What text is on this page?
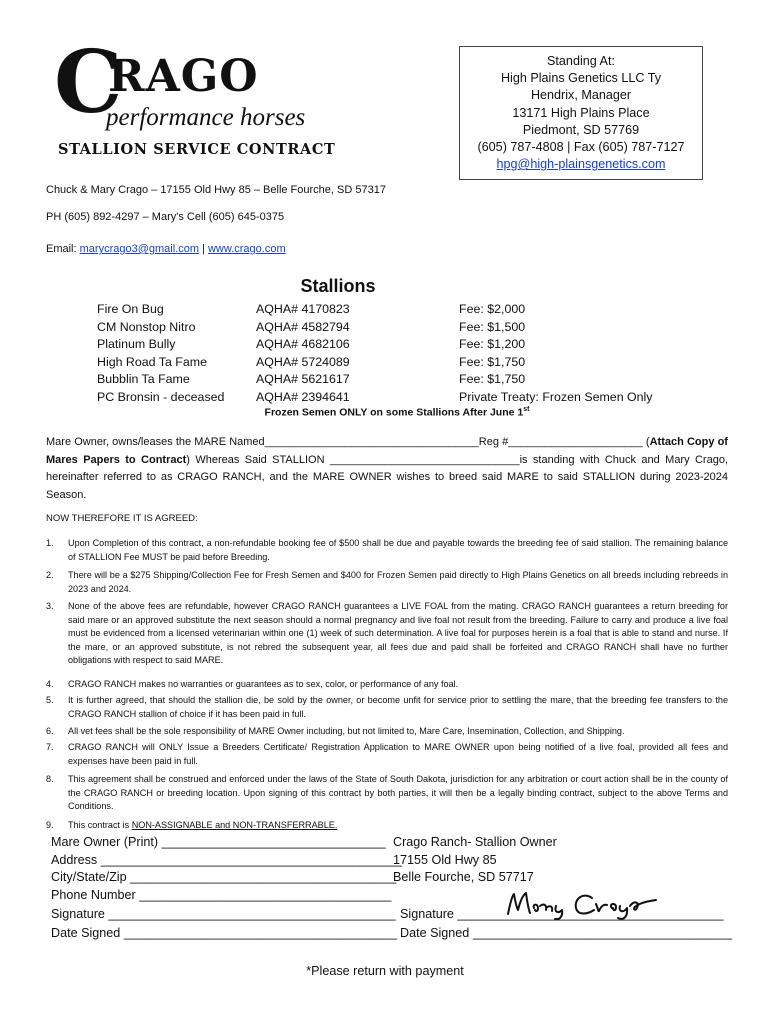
C
RAGO
performance horses
STALLION SERVICE CONTRACT
Standing At:
High Plains Genetics LLC Ty
Hendrix, Manager
13171 High Plains Place
Piedmont, SD 57769
(605) 787-4808 | Fax (605) 787-7127
hpg@high-plainsgenetics.com
Chuck & Mary Crago – 17155 Old Hwy 85 – Belle Fourche, SD 57317
PH (605) 892-4297 – Mary's Cell (605) 645-0375
Email: marycrago3@gmail.com | www.crago.com
Stallions
Fire On Bug	AQHA# 4170823	Fee: $2,000
CM Nonstop Nitro	AQHA# 4582794	Fee: $1,500
Platinum Bully	AQHA# 4682106	Fee: $1,200
High Road Ta Fame	AQHA# 5724089	Fee: $1,750
Bubblin Ta Fame	AQHA# 5621617	Fee: $1,750
PC Bronsin - deceased	AQHA# 2394641	Private Treaty: Frozen Semen Only
Frozen Semen ONLY on some Stallions After June 1st
Mare Owner, owns/leases the MARE Named___________________________________Reg #______________________ (Attach Copy of Mares Papers to Contract) Whereas Said STALLION _______________________________is standing with Chuck and Mary Crago, hereinafter referred to as CRAGO RANCH, and the MARE OWNER wishes to breed said MARE to said STALLION during 2023-2024 Season.
NOW THEREFORE IT IS AGREED:
1. Upon Completion of this contract, a non-refundable booking fee of $500 shall be due and payable towards the breeding fee of said stallion. The remaining balance of STALLION Fee MUST be paid before Breeding.
2. There will be a $275 Shipping/Collection Fee for Fresh Semen and $400 for Frozen Semen paid directly to High Plains Genetics on all breeds including rebreeds in 2023 and 2024.
3. None of the above fees are refundable, however CRAGO RANCH guarantees a LIVE FOAL from the mating. CRAGO RANCH guarantees a return breeding for said mare or an approved substitute the next season should a normal pregnancy and live foal not result from the breeding. Failure to carry and produce a live foal must be evidenced from a licensed veterinarian within one (1) week of such determination. A live foal for purposes herein is a foal that is able to stand and nurse. If the mare, or an approved substitute, is not rebred the subsequent year, all fees due and paid shall be forfeited and CRAGO RANCH shall have no further obligations with respect to said MARE.
4. CRAGO RANCH makes no warranties or guarantees as to sex, color, or performance of any foal.
5. It is further agreed, that should the stallion die, be sold by the owner, or become unfit for service prior to settling the mare, that the breeding fee transfers to the CRAGO RANCH stallion of choice if it has been paid in full.
6. All vet fees shall be the sole responsibility of MARE Owner including, but not limited to, Mare Care, Insemination, Collection, and Shipping.
7. CRAGO RANCH will ONLY Issue a Breeders Certificate/ Registration Application to MARE OWNER upon being notified of a live foal, provided all fees and expenses have been paid in full.
8. This agreement shall be construed and enforced under the laws of the State of South Dakota, jurisdiction for any arbitration or court action shall be in the county of the CRAGO RANCH or breeding location. Upon signing of this contract by both parties, it will then be a legally binding contract, subject to the above Terms and Conditions.
9. This contract is NON-ASSIGNABLE and NON-TRANSFERRABLE.
Mare Owner (Print) ________________________________
Address ___________________________________________
City/State/Zip ______________________________________
Phone Number ____________________________________
Signature _________________________________________
Date Signed _______________________________________
Crago Ranch- Stallion Owner
17155 Old Hwy 85
Belle Fourche, SD 57717
Signature ______________________________________
Date Signed _____________________________________
*Please return with payment
